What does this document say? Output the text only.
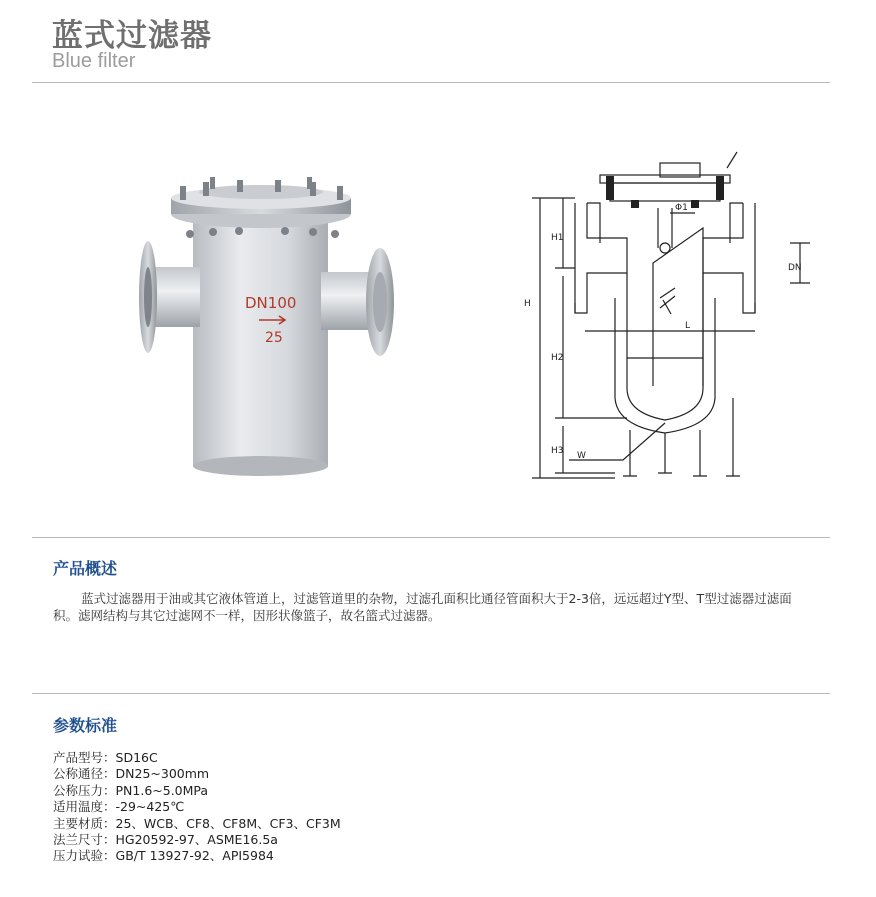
蓝式过滤器
Blue filter
DN100
25
H
H1
H2
H3
DN
Φ1
L
W
产品概述
蓝式过滤器用于油或其它液体管道上，过滤管道里的杂物，过滤孔面积比通径管面积大于2-3倍，远远超过Y型、T型过滤器过滤面积。滤网结构与其它过滤网不一样，因形状像篮子，故名篮式过滤器。
参数标准
产品型号：SD16C
公称通径：DN25~300mm
公称压力：PN1.6~5.0MPa
适用温度：-29~425℃
主要材质：25、WCB、CF8、CF8M、CF3、CF3M
法兰尺寸：HG20592-97、ASME16.5a
压力试验：GB/T 13927-92、API5984
